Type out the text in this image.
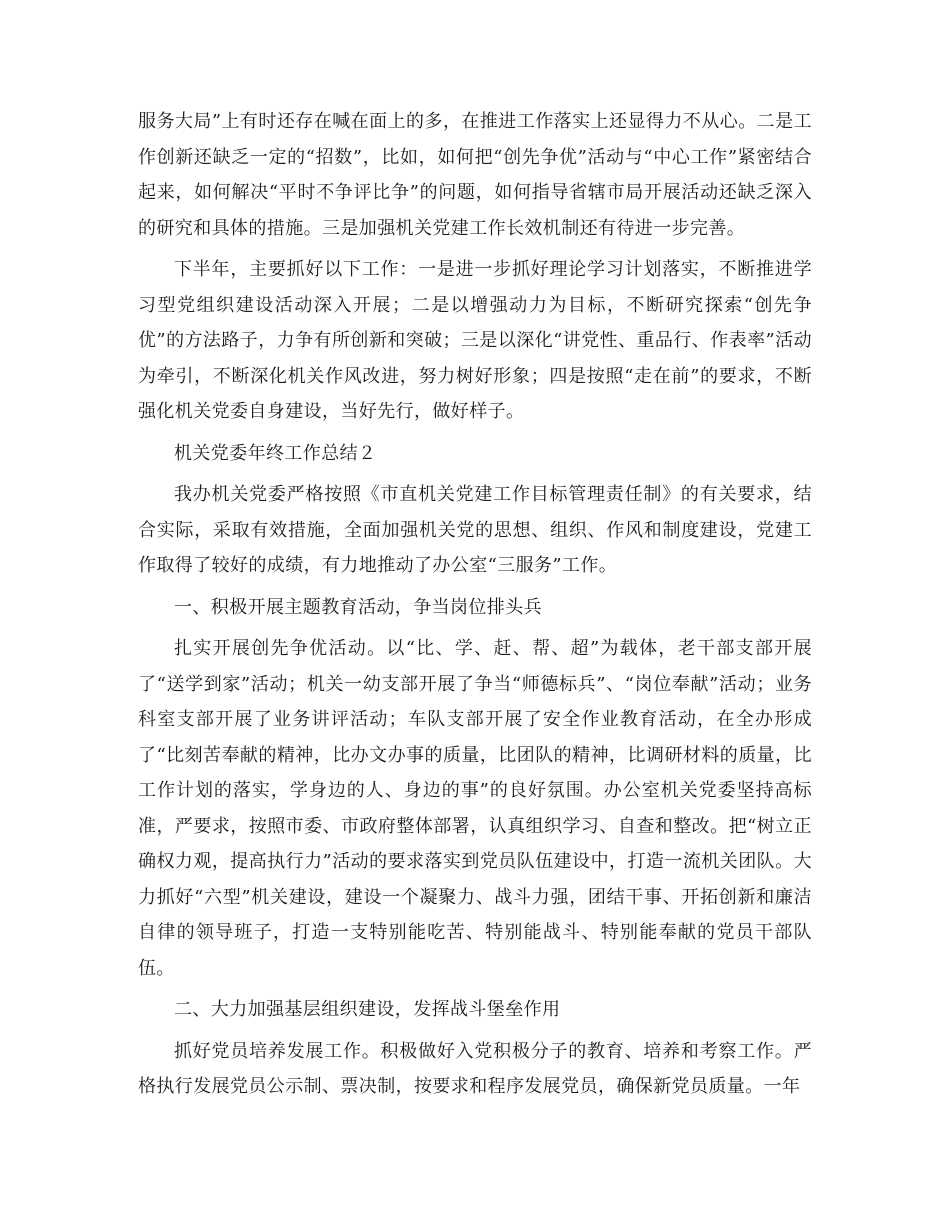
服务大局”上有时还存在喊在面上的多，在推进工作落实上还显得力不从心。二是工作创新还缺乏一定的“招数”，比如，如何把“创先争优”活动与“中心工作”紧密结合起来，如何解决“平时不争评比争”的问题，如何指导省辖市局开展活动还缺乏深入的研究和具体的措施。三是加强机关党建工作长效机制还有待进一步完善。

下半年，主要抓好以下工作：一是进一步抓好理论学习计划落实，不断推进学习型党组织建设活动深入开展；二是以增强动力为目标，不断研究探索“创先争优”的方法路子，力争有所创新和突破；三是以深化“讲党性、重品行、作表率”活动为牵引，不断深化机关作风改进，努力树好形象；四是按照“走在前”的要求，不断强化机关党委自身建设，当好先行，做好样子。

机关党委年终工作总结２

我办机关党委严格按照《市直机关党建工作目标管理责任制》的有关要求，结合实际，采取有效措施，全面加强机关党的思想、组织、作风和制度建设，党建工作取得了较好的成绩，有力地推动了办公室“三服务”工作。

一、积极开展主题教育活动，争当岗位排头兵

扎实开展创先争优活动。以“比、学、赶、帮、超”为载体，老干部支部开展了“送学到家”活动；机关一幼支部开展了争当“师德标兵”、“岗位奉献”活动；业务科室支部开展了业务讲评活动；车队支部开展了安全作业教育活动，在全办形成了“比刻苦奉献的精神，比办文办事的质量，比团队的精神，比调研材料的质量，比工作计划的落实，学身边的人、身边的事”的良好氛围。办公室机关党委坚持高标准，严要求，按照市委、市政府整体部署，认真组织学习、自查和整改。把“树立正确权力观，提高执行力”活动的要求落实到党员队伍建设中，打造一流机关团队。大力抓好“六型”机关建设，建设一个凝聚力、战斗力强，团结干事、开拓创新和廉洁自律的领导班子，打造一支特别能吃苦、特别能战斗、特别能奉献的党员干部队伍。

二、大力加强基层组织建设，发挥战斗堡垒作用

抓好党员培养发展工作。积极做好入党积极分子的教育、培养和考察工作。严格执行发展党员公示制、票决制，按要求和程序发展党员，确保新党员质量。一年
